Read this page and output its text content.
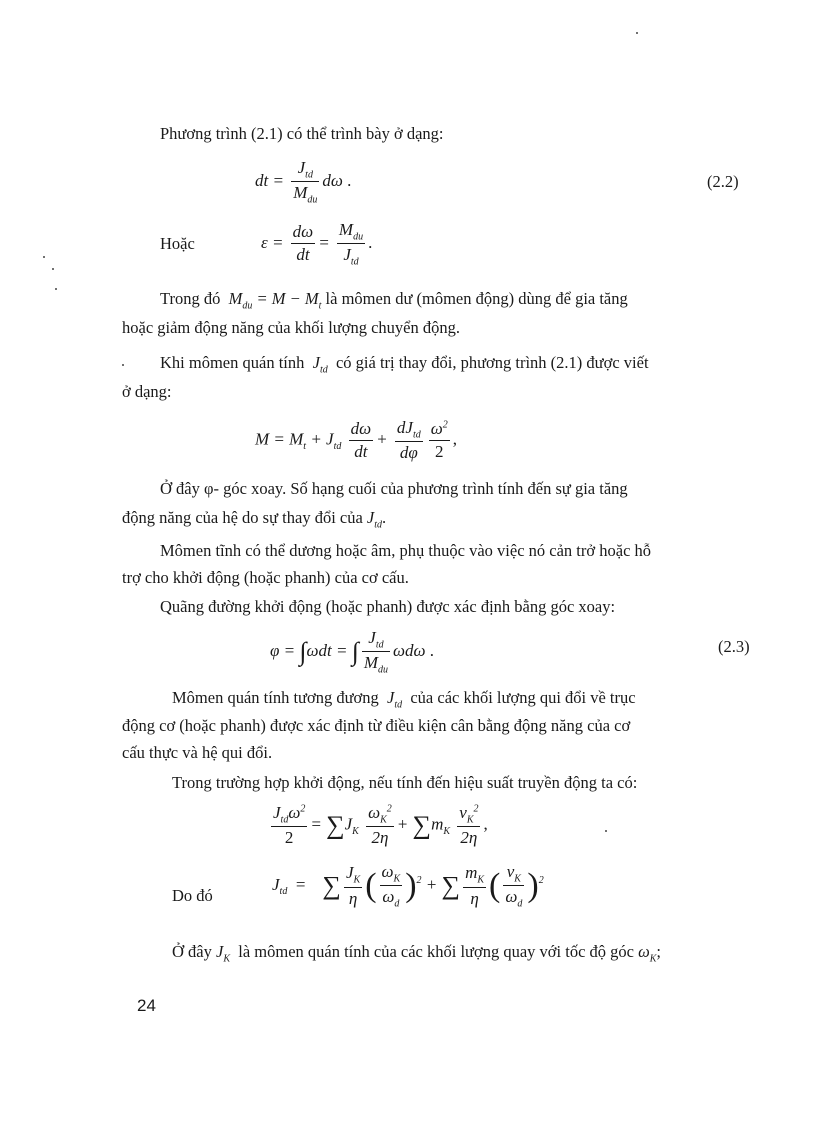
Phương trình (2.1) có thể trình bày ở dạng:
dt = $\frac{J_{td}}{M_{du}}$ dω .	(2.2)
Hoặc	$\varepsilon = \frac{d\omega}{dt} = \frac{M_{du}}{J_{td}}$ .
Trong đó  $M_{du} = M - M_t$ là mômen dư (mômen động) dùng để gia tăng
hoặc giảm động năng của khối lượng chuyển động.
Khi mômen quán tính  $J_{td}$ có giá trị thay đổi, phương trình (2.1) được viết
ở dạng:
$M = M_t + J_{td} \frac{d\omega}{dt} + \frac{dJ_{td}}{d\varphi} \frac{\omega^2}{2}$ ,
Ở đây φ- góc xoay. Số hạng cuối của phương trình tính đến sự gia tăng
động năng của hệ do sự thay đổi của $J_{td}$.
Mômen tĩnh có thể dương hoặc âm, phụ thuộc vào việc nó cản trở hoặc hỗ
trợ cho khởi động (hoặc phanh) của cơ cấu.
Quãng đường khởi động (hoặc phanh) được xác định bằng góc xoay:
φ = ∫ωdt = ∫ $\frac{J_{td}}{M_{du}}$ ωdω .	(2.3)
Mômen quán tính tương đương  $J_{td}$ của các khối lượng qui đổi về trục
động cơ (hoặc phanh) được xác định từ điều kiện cân bằng động năng của cơ
cấu thực và hệ qui đổi.
Trong trường hợp khởi động, nếu tính đến hiệu suất truyền động ta có:
$\frac{J_{td}\omega^2}{2} = \sum J_K \frac{\omega_K^2}{2\eta} + \sum m_K \frac{v_K^2}{2\eta}$ ,
Do đó
$J_{td}$ = ∑ $\frac{J_K}{\eta}$ ( $\frac{\omega_K}{\omega_d} )^2$ + ∑ $\frac{m_K}{\eta}$ ( $\frac{v_K}{\omega_d} )^2$
Ở đây $J_K$ là mômen quán tính của các khối lượng quay với tốc độ góc $\omega_K$;
24
